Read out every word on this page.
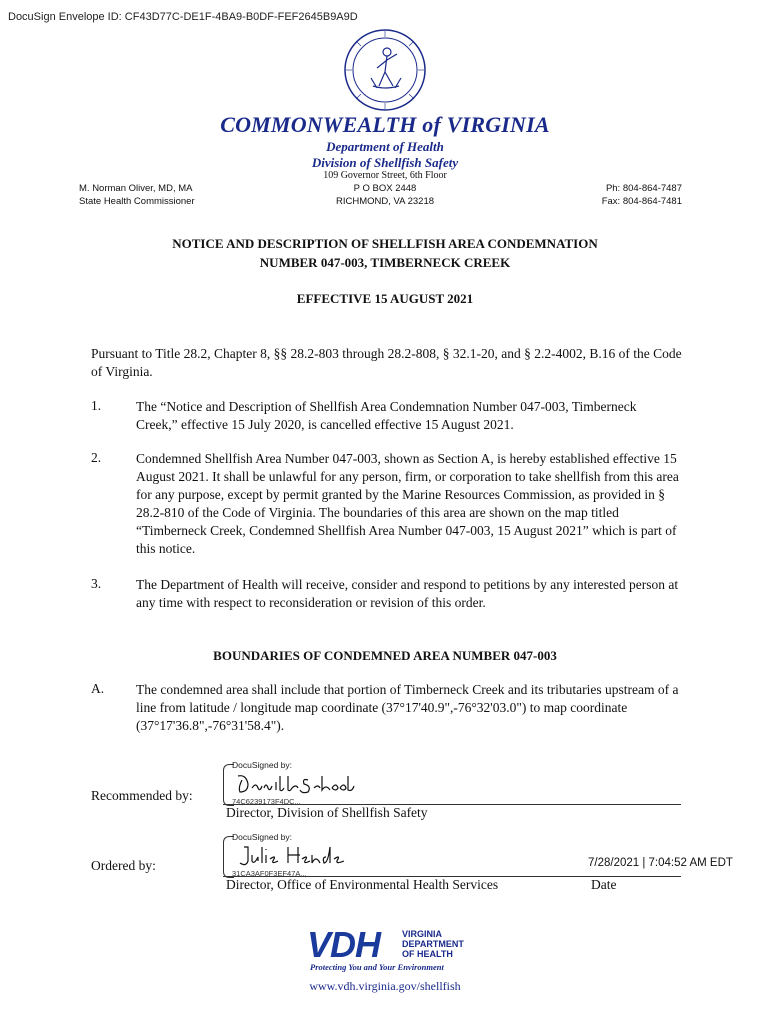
DocuSign Envelope ID: CF43D77C-DE1F-4BA9-B0DF-FEF2645B9A9D
COMMONWEALTH of VIRGINIA
Department of Health
Division of Shellfish Safety
109 Governor Street, 6th Floor
P O BOX 2448
RICHMOND, VA 23218
M. Norman Oliver, MD, MA
State Health Commissioner
Ph: 804-864-7487
Fax: 804-864-7481
NOTICE AND DESCRIPTION OF SHELLFISH AREA CONDEMNATION
NUMBER 047-003, TIMBERNECK CREEK
EFFECTIVE 15 AUGUST 2021
Pursuant to Title 28.2, Chapter 8, §§ 28.2-803 through 28.2-808, § 32.1-20, and § 2.2-4002, B.16 of the Code of Virginia.
1.	The “Notice and Description of Shellfish Area Condemnation Number 047-003, Timberneck Creek,” effective 15 July 2020, is cancelled effective 15 August 2021.
2.	Condemned Shellfish Area Number 047-003, shown as Section A, is hereby established effective 15 August 2021. It shall be unlawful for any person, firm, or corporation to take shellfish from this area for any purpose, except by permit granted by the Marine Resources Commission, as provided in § 28.2-810 of the Code of Virginia. The boundaries of this area are shown on the map titled “Timberneck Creek, Condemned Shellfish Area Number 047-003, 15 August 2021” which is part of this notice.
3.	The Department of Health will receive, consider and respond to petitions by any interested person at any time with respect to reconsideration or revision of this order.
BOUNDARIES OF CONDEMNED AREA NUMBER 047-003
A. The condemned area shall include that portion of Timberneck Creek and its tributaries upstream of a line from latitude / longitude map coordinate (37°17'40.9",-76°32'03.0") to map coordinate (37°17'36.8",-76°31'58.4").
DocuSigned by:
74C6239173F4DC...
Recommended by:
Director, Division of Shellfish Safety
DocuSigned by:
31CA3AF0F3EF47A...
Ordered by:
Director, Office of Environmental Health Services
7/28/2021 | 7:04:52 AM EDT
Date
VDH VIRGINIA
DEPARTMENT
OF HEALTH
Protecting You and Your Environment
www.vdh.virginia.gov/shellfish
